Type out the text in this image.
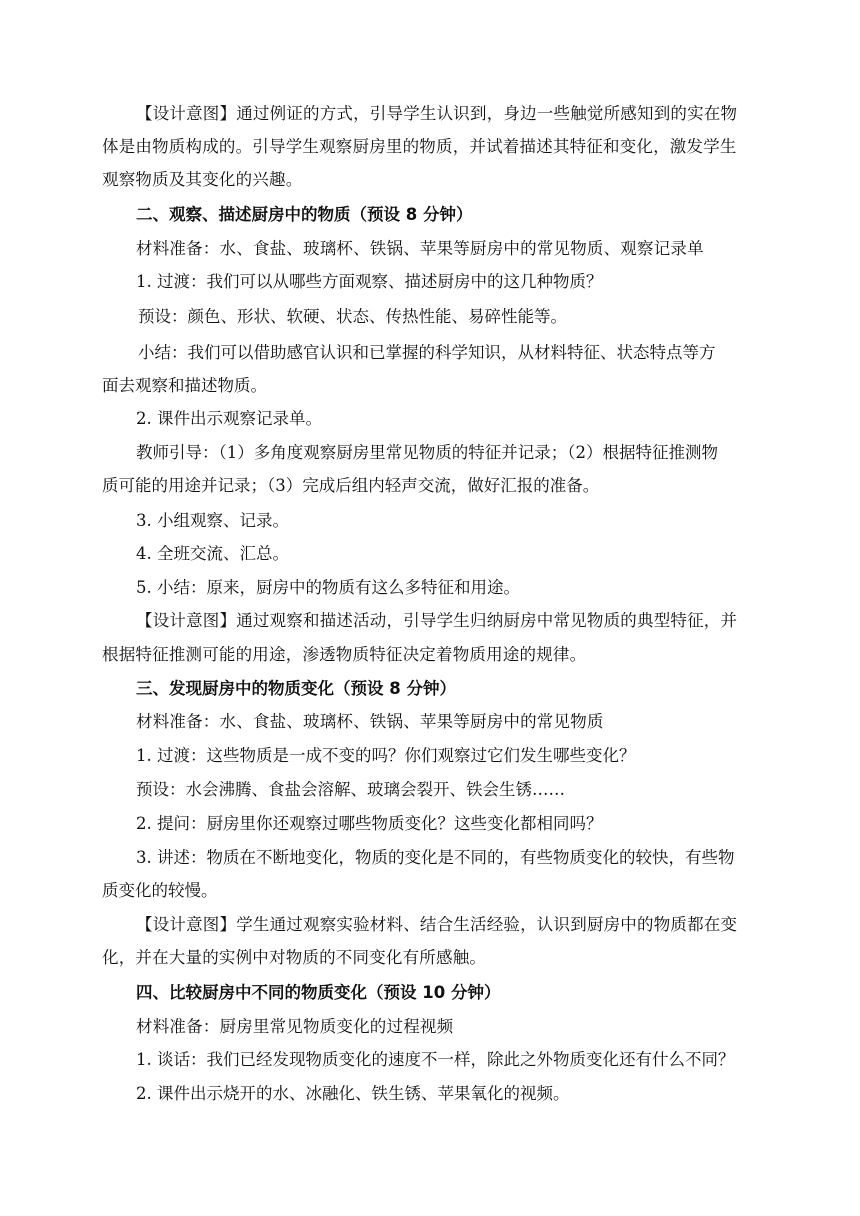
【设计意图】通过例证的方式，引导学生认识到，身边一些触觉所感知到的实在物
体是由物质构成的。引导学生观察厨房里的物质，并试着描述其特征和变化，激发学生
观察物质及其变化的兴趣。
二、观察、描述厨房中的物质（预设 8 分钟）
材料准备：水、食盐、玻璃杯、铁锅、苹果等厨房中的常见物质、观察记录单
1. 过渡：我们可以从哪些方面观察、描述厨房中的这几种物质？
预设：颜色、形状、软硬、状态、传热性能、易碎性能等。
小结：我们可以借助感官认识和已掌握的科学知识，从材料特征、状态特点等方
面去观察和描述物质。
2. 课件出示观察记录单。
教师引导：（1）多角度观察厨房里常见物质的特征并记录；（2）根据特征推测物
质可能的用途并记录；（3）完成后组内轻声交流，做好汇报的准备。
3. 小组观察、记录。
4. 全班交流、汇总。
5. 小结：原来，厨房中的物质有这么多特征和用途。
【设计意图】通过观察和描述活动，引导学生归纳厨房中常见物质的典型特征，并
根据特征推测可能的用途，渗透物质特征决定着物质用途的规律。
三、发现厨房中的物质变化（预设 8 分钟）
材料准备：水、食盐、玻璃杯、铁锅、苹果等厨房中的常见物质
1. 过渡：这些物质是一成不变的吗？你们观察过它们发生哪些变化？
预设：水会沸腾、食盐会溶解、玻璃会裂开、铁会生锈……
2. 提问：厨房里你还观察过哪些物质变化？这些变化都相同吗？
3. 讲述：物质在不断地变化，物质的变化是不同的，有些物质变化的较快，有些物
质变化的较慢。
【设计意图】学生通过观察实验材料、结合生活经验，认识到厨房中的物质都在变
化，并在大量的实例中对物质的不同变化有所感触。
四、比较厨房中不同的物质变化（预设 10 分钟）
材料准备：厨房里常见物质变化的过程视频
1. 谈话：我们已经发现物质变化的速度不一样，除此之外物质变化还有什么不同？
2. 课件出示烧开的水、冰融化、铁生锈、苹果氧化的视频。
